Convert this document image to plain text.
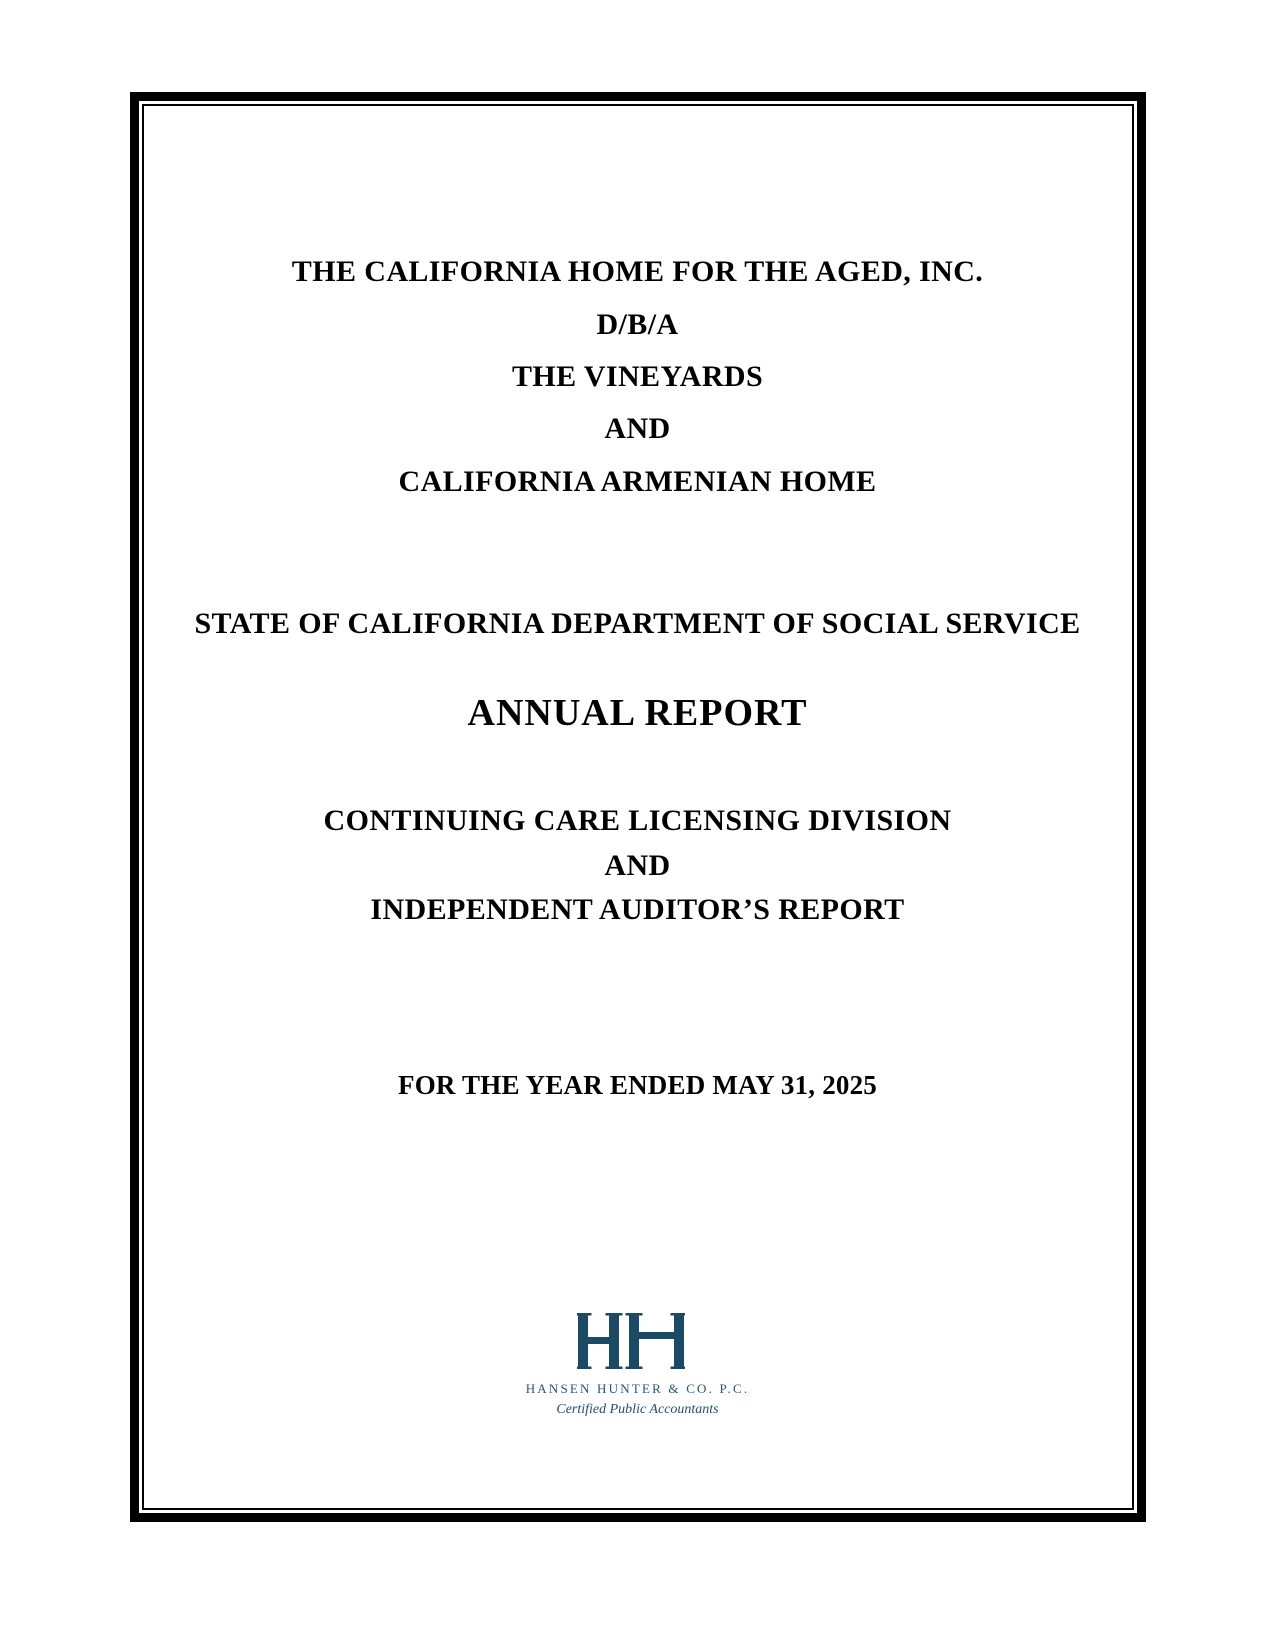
THE CALIFORNIA HOME FOR THE AGED, INC.
D/B/A
THE VINEYARDS
AND
CALIFORNIA ARMENIAN HOME
STATE OF CALIFORNIA DEPARTMENT OF SOCIAL SERVICE
ANNUAL REPORT
CONTINUING CARE LICENSING DIVISION
AND
INDEPENDENT AUDITOR’S REPORT
FOR THE YEAR ENDED MAY 31, 2025
HANSEN HUNTER & CO. P.C.
Certified Public Accountants
